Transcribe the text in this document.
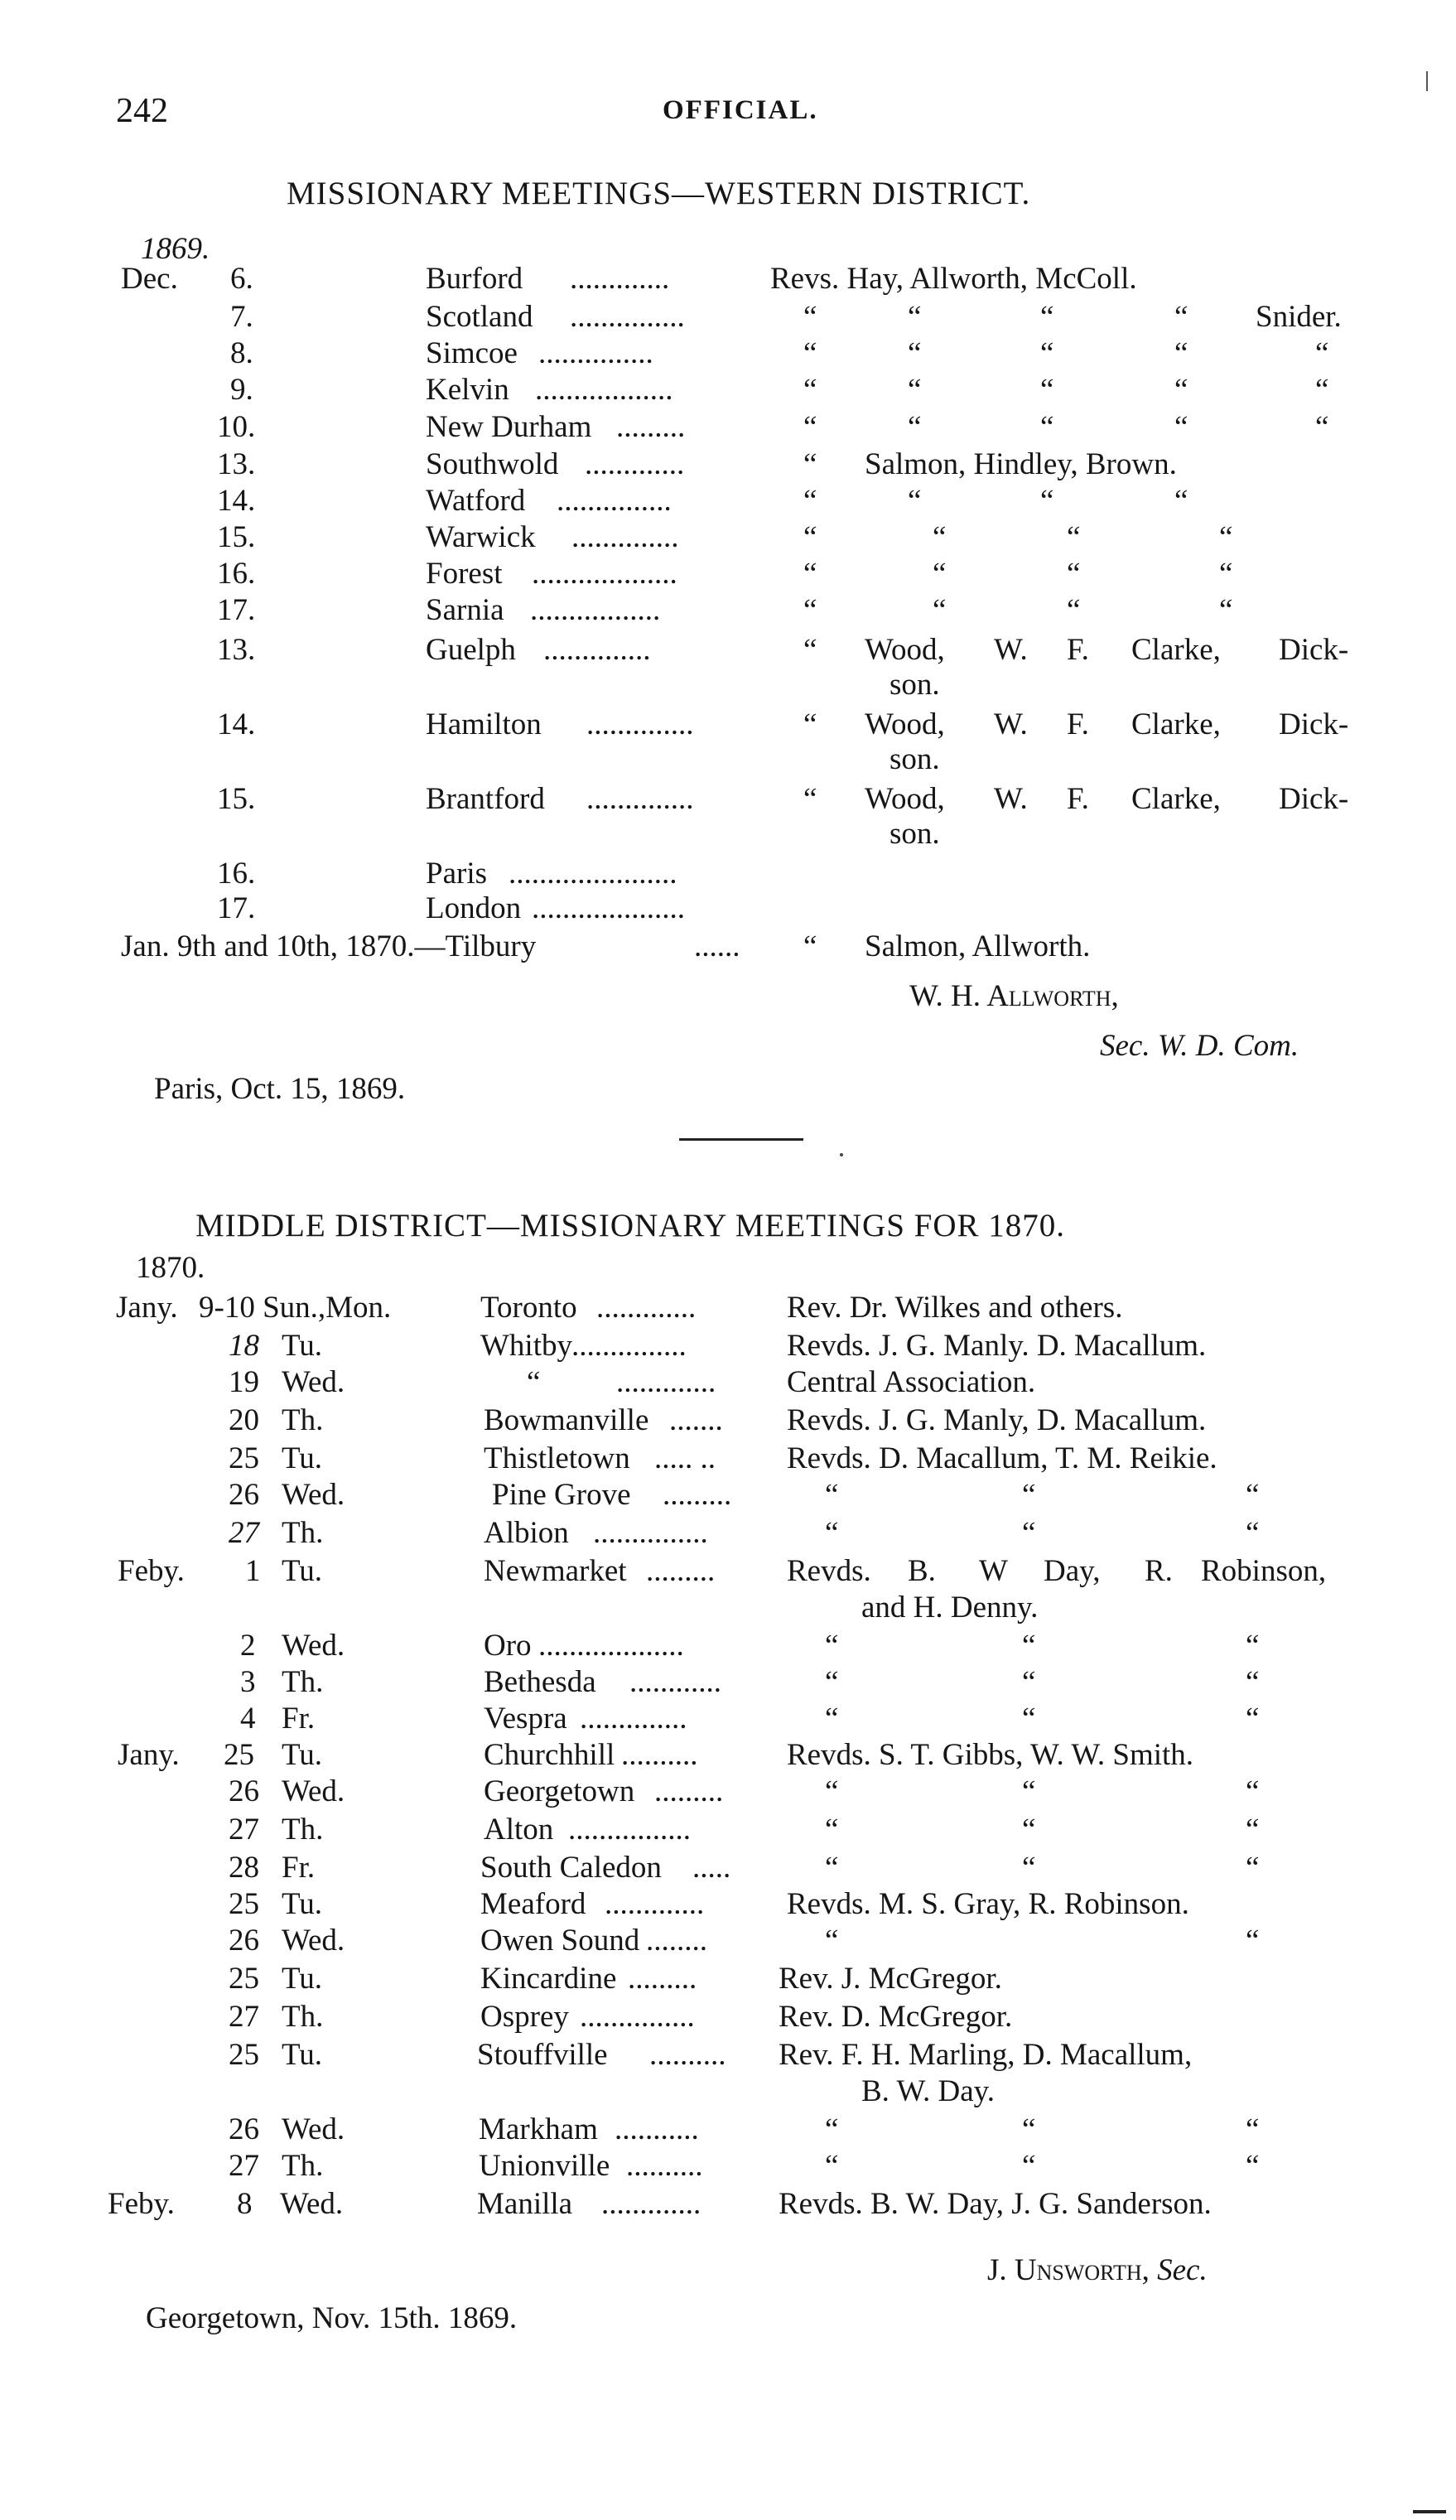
242	OFFICIAL.
MISSIONARY MEETINGS—WESTERN DISTRICT.
1869.
Dec. 6.	Burford .............	Revs. Hay, Allworth, McColl.
7.	Scotland ...............	“	“	“	“ Snider.
8.	Simcoe ...............	“	“	“	“	“
9.	Kelvin ..................	“	“	“	“	“
10.	New Durham .........	“	“	“	“	“
13.	Southwold .............	“ Salmon, Hindley, Brown.
14.	Watford ...............	“	“	“	“
15.	Warwick ..............	“	“	“	“
16.	Forest ...................	“	“	“	“
17.	Sarnia .................	“	“	“	“
13.	Guelph ..............	“ Wood, W. F. Clarke, Dick-
son.
14.	Hamilton ..............	“ Wood, W. F. Clarke, Dick-
son.
15.	Brantford ..............	“ Wood, W. F. Clarke, Dick-
son.
16.	Paris ......................
17.	London ....................
Jan. 9th and 10th, 1870.—Tilbury	...... “ Salmon, Allworth.
W. H. Allworth,
Sec. W. D. Com.
Paris, Oct. 15, 1869.
MIDDLE DISTRICT—MISSIONARY MEETINGS FOR 1870.
1870.
Jany. 9-10 Sun.,Mon.	Toronto .............	Rev. Dr. Wilkes and others.
18 Tu.	Whitby ...............	Revds. J. G. Manly. D. Macallum.
19 Wed.	“ ............. Central Association.
20 Th.	Bowmanville ....... Revds. J. G. Manly, D. Macallum.
25 Tu.	Thistletown ..... .. Revds. D. Macallum, T. M. Reikie.
26 Wed.	Pine Grove .........	“	“	“
27 Th.	Albion ...............	“	“	“
Feby. 1 Tu.	Newmarket ......... Revds. B. W Day, R. Robinson,
and H. Denny.
2 Wed.	Oro ...................	“	“	“
3 Th.	Bethesda ............	“	“	“
4 Fr.	Vespra ..............	“	“	“
Jany. 25 Tu.	Churchhill ..........	Revds. S. T. Gibbs, W. W. Smith.
26 Wed.	Georgetown .........	“	“	“
27 Th.	Alton ................	“	“	“
28 Fr.	South Caledon .....	“	“	“
25 Tu.	Meaford .............	Revds. M. S. Gray, R. Robinson.
26 Wed.	Owen Sound ........	“	“
25 Tu.	Kincardine .........	Rev. J. McGregor.
27 Th.	Osprey ...............	Rev. D. McGregor.
25 Tu.	Stouffville .......... Rev. F. H. Marling, D. Macallum,
B. W. Day.
26 Wed.	Markham ...........	“	“	“
27 Th.	Unionville ..........	“	“	“
Feby. 8 Wed.	Manilla .............	Revds. B. W. Day, J. G. Sanderson.
J. Unsworth, Sec.
Georgetown, Nov. 15th. 1869.
